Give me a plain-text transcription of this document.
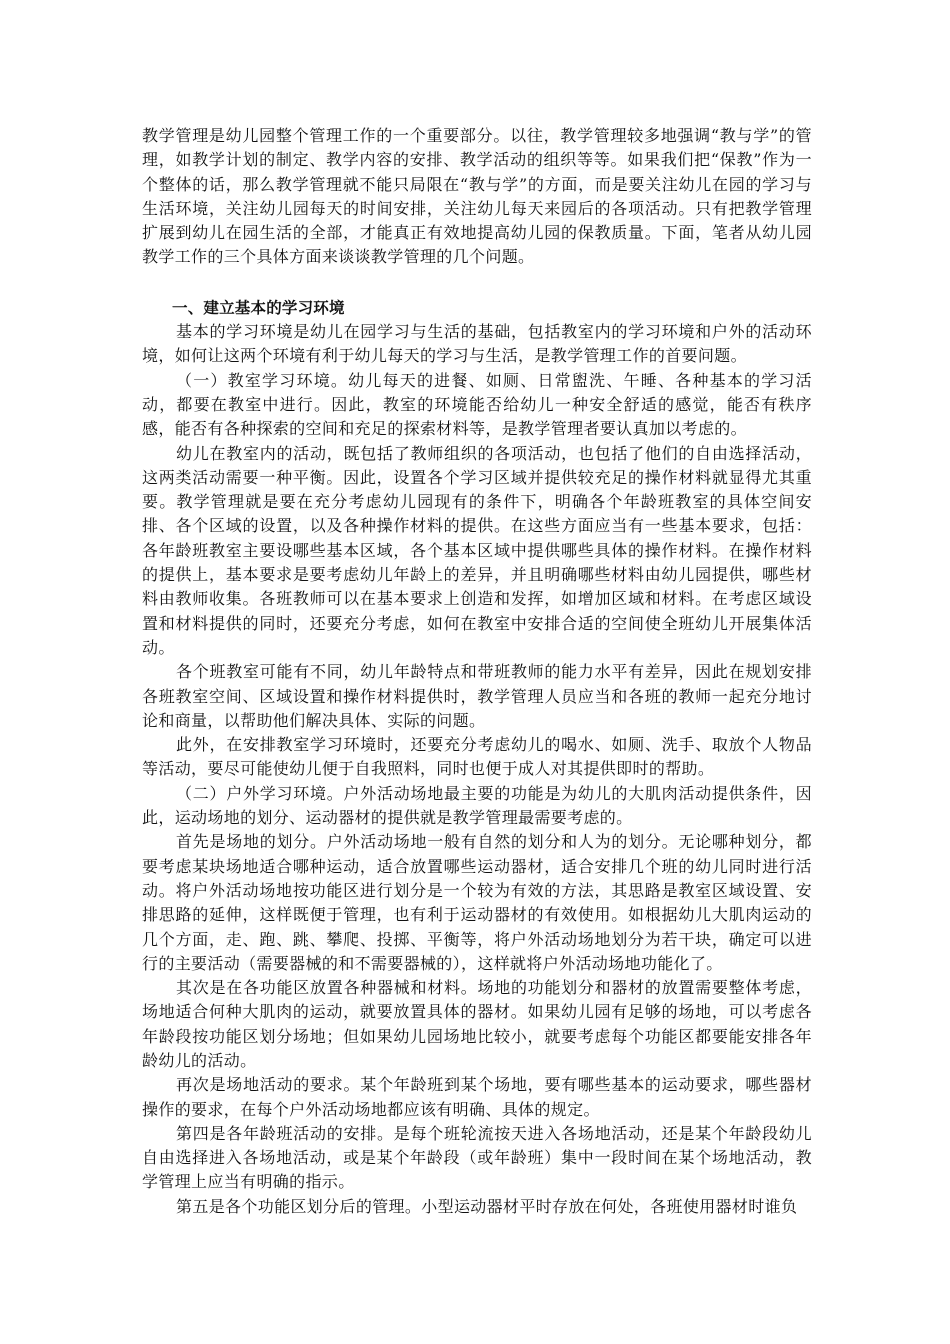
教学管理是幼儿园整个管理工作的一个重要部分。以往，教学管理较多地强调“教与学”的管理，如教学计划的制定、教学内容的安排、教学活动的组织等等。如果我们把“保教”作为一个整体的话，那么教学管理就不能只局限在“教与学”的方面，而是要关注幼儿在园的学习与生活环境，关注幼儿园每天的时间安排，关注幼儿每天来园后的各项活动。只有把教学管理扩展到幼儿在园生活的全部，才能真正有效地提高幼儿园的保教质量。下面，笔者从幼儿园教学工作的三个具体方面来谈谈教学管理的几个问题。

一、建立基本的学习环境

基本的学习环境是幼儿在园学习与生活的基础，包括教室内的学习环境和户外的活动环境，如何让这两个环境有利于幼儿每天的学习与生活，是教学管理工作的首要问题。

（一）教室学习环境。幼儿每天的进餐、如厕、日常盥洗、午睡、各种基本的学习活动，都要在教室中进行。因此，教室的环境能否给幼儿一种安全舒适的感觉，能否有秩序感，能否有各种探索的空间和充足的探索材料等，是教学管理者要认真加以考虑的。

幼儿在教室内的活动，既包括了教师组织的各项活动，也包括了他们的自由选择活动，这两类活动需要一种平衡。因此，设置各个学习区域并提供较充足的操作材料就显得尤其重要。教学管理就是要在充分考虑幼儿园现有的条件下，明确各个年龄班教室的具体空间安排、各个区域的设置，以及各种操作材料的提供。在这些方面应当有一些基本要求，包括：各年龄班教室主要设哪些基本区域，各个基本区域中提供哪些具体的操作材料。在操作材料的提供上，基本要求是要考虑幼儿年龄上的差异，并且明确哪些材料由幼儿园提供，哪些材料由教师收集。各班教师可以在基本要求上创造和发挥，如增加区域和材料。在考虑区域设置和材料提供的同时，还要充分考虑，如何在教室中安排合适的空间使全班幼儿开展集体活动。

各个班教室可能有不同，幼儿年龄特点和带班教师的能力水平有差异，因此在规划安排各班教室空间、区域设置和操作材料提供时，教学管理人员应当和各班的教师一起充分地讨论和商量，以帮助他们解决具体、实际的问题。

此外，在安排教室学习环境时，还要充分考虑幼儿的喝水、如厕、洗手、取放个人物品等活动，要尽可能使幼儿便于自我照料，同时也便于成人对其提供即时的帮助。

（二）户外学习环境。户外活动场地最主要的功能是为幼儿的大肌肉活动提供条件，因此，运动场地的划分、运动器材的提供就是教学管理最需要考虑的。

首先是场地的划分。户外活动场地一般有自然的划分和人为的划分。无论哪种划分，都要考虑某块场地适合哪种运动，适合放置哪些运动器材，适合安排几个班的幼儿同时进行活动。将户外活动场地按功能区进行划分是一个较为有效的方法，其思路是教室区域设置、安排思路的延伸，这样既便于管理，也有利于运动器材的有效使用。如根据幼儿大肌肉运动的几个方面，走、跑、跳、攀爬、投掷、平衡等，将户外活动场地划分为若干块，确定可以进行的主要活动（需要器械的和不需要器械的），这样就将户外活动场地功能化了。

其次是在各功能区放置各种器械和材料。场地的功能划分和器材的放置需要整体考虑，场地适合何种大肌肉的运动，就要放置具体的器材。如果幼儿园有足够的场地，可以考虑各年龄段按功能区划分场地；但如果幼儿园场地比较小，就要考虑每个功能区都要能安排各年龄幼儿的活动。

再次是场地活动的要求。某个年龄班到某个场地，要有哪些基本的运动要求，哪些器材操作的要求，在每个户外活动场地都应该有明确、具体的规定。

第四是各年龄班活动的安排。是每个班轮流按天进入各场地活动，还是某个年龄段幼儿自由选择进入各场地活动，或是某个年龄段（或年龄班）集中一段时间在某个场地活动，教学管理上应当有明确的指示。

第五是各个功能区划分后的管理。小型运动器材平时存放在何处，各班使用器材时谁负
